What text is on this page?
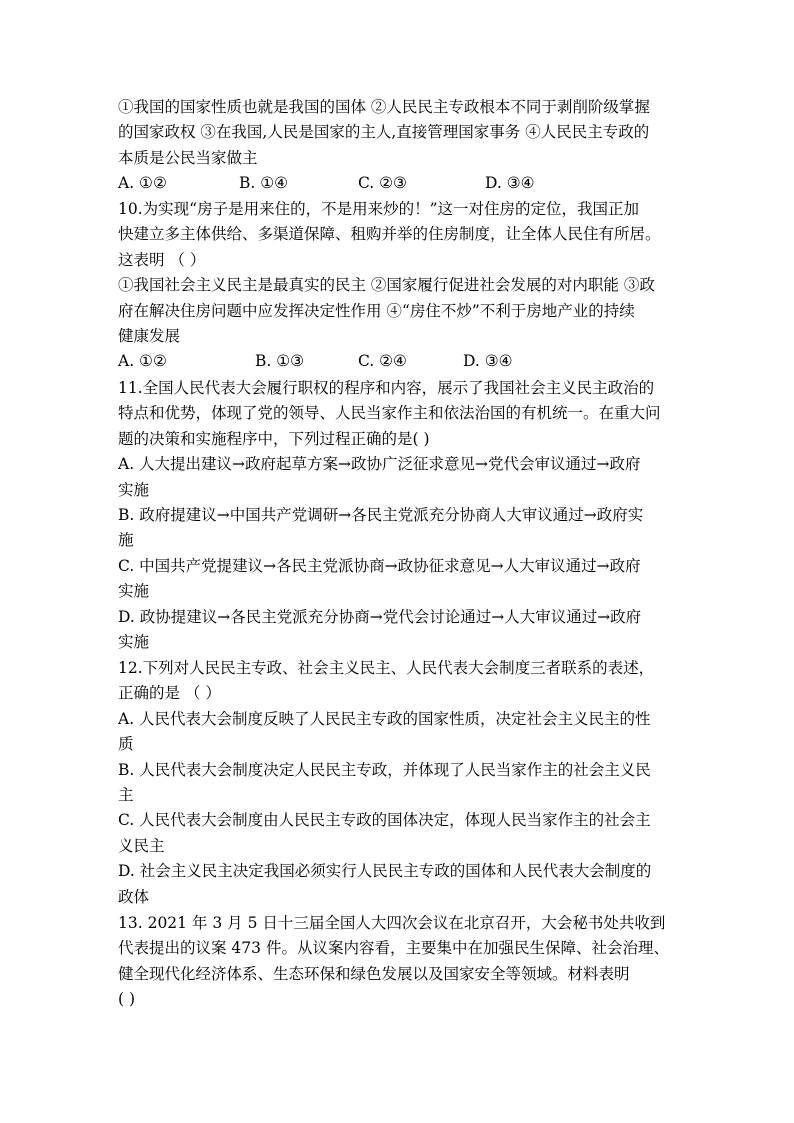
①我国的国家性质也就是我国的国体 ②人民民主专政根本不同于剥削阶级掌握
的国家政权 ③在我国,人民是国家的主人,直接管理国家事务 ④人民民主专政的
本质是公民当家做主
A. ①②	B. ①④	C. ②③	D. ③④
10.为实现“房子是用来住的，不是用来炒的！”这一对住房的定位，我国正加
快建立多主体供给、多渠道保障、租购并举的住房制度，让全体人民住有所居。
这表明 （ ）
①我国社会主义民主是最真实的民主 ②国家履行促进社会发展的对内职能 ③政
府在解决住房问题中应发挥决定性作用 ④“房住不炒”不利于房地产业的持续
健康发展
A. ①②	B. ①③	C. ②④	D. ③④
11.全国人民代表大会履行职权的程序和内容，展示了我国社会主义民主政治的
特点和优势，体现了党的领导、人民当家作主和依法治国的有机统一。在重大问
题的决策和实施程序中，下列过程正确的是( )
A. 人大提出建议→政府起草方案→政协广泛征求意见→党代会审议通过→政府
实施
B. 政府提建议→中国共产党调研→各民主党派充分协商人大审议通过→政府实
施
C. 中国共产党提建议→各民主党派协商→政协征求意见→人大审议通过→政府
实施
D. 政协提建议→各民主党派充分协商→党代会讨论通过→人大审议通过→政府
实施
12.下列对人民民主专政、社会主义民主、人民代表大会制度三者联系的表述，
正确的是 （ ）
A. 人民代表大会制度反映了人民民主专政的国家性质，决定社会主义民主的性
质
B. 人民代表大会制度决定人民民主专政，并体现了人民当家作主的社会主义民
主
C. 人民代表大会制度由人民民主专政的国体决定，体现人民当家作主的社会主
义民主
D. 社会主义民主决定我国必须实行人民民主专政的国体和人民代表大会制度的
政体
13. 2021 年 3 月 5 日十三届全国人大四次会议在北京召开，大会秘书处共收到
代表提出的议案 473 件。从议案内容看，主要集中在加强民生保障、社会治理、
健全现代化经济体系、生态环保和绿色发展以及国家安全等领域。材料表明
( )
